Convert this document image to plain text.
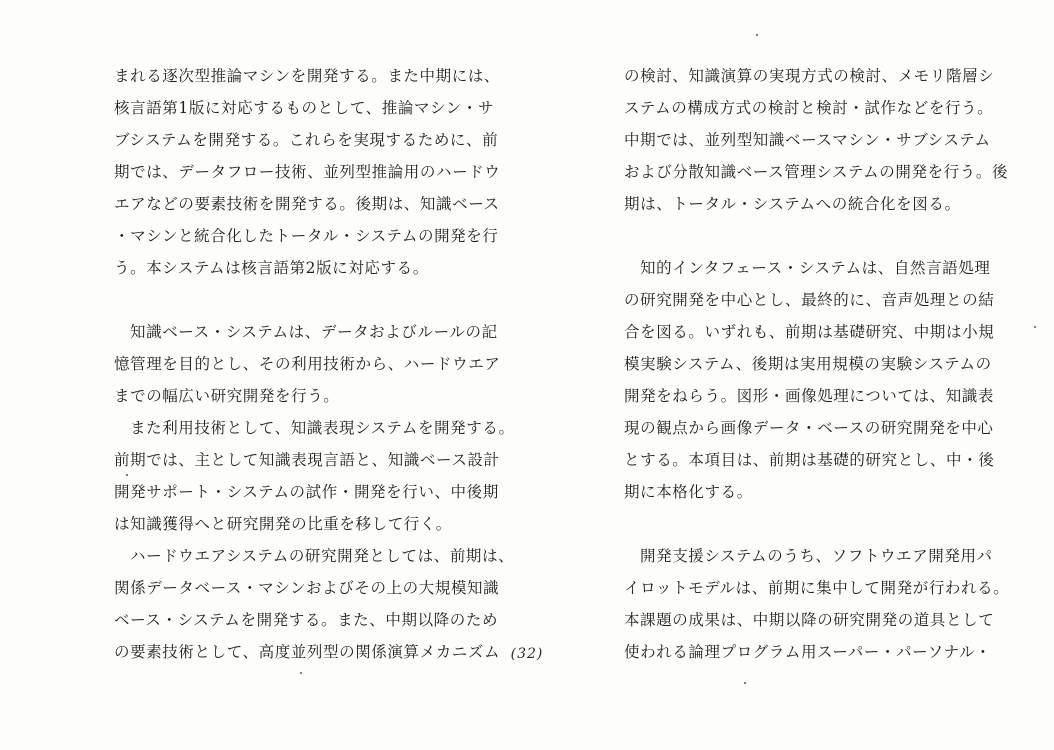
まれる逐次型推論マシンを開発する。また中期には、
核言語第1版に対応するものとして、推論マシン・サ
ブシステムを開発する。これらを実現するために、前
期では、データフロー技術、並列型推論用のハードウ
エアなどの要素技術を開発する。後期は、知識ベース
・マシンと統合化したトータル・システムの開発を行
う。本システムは核言語第2版に対応する。
知識ベース・システムは、データおよびルールの記
憶管理を目的とし、その利用技術から、ハードウエア
までの幅広い研究開発を行う。
また利用技術として、知識表現システムを開発する。
前期では、主として知識表現言語と、知識ベース設計
開発サポート・システムの試作・開発を行い、中後期
は知識獲得へと研究開発の比重を移して行く。
ハードウエアシステムの研究開発としては、前期は、
関係データベース・マシンおよびその上の大規模知識
ベース・システムを開発する。また、中期以降のため
の要素技術として、高度並列型の関係演算メカニズム
の検討、知識演算の実現方式の検討、メモリ階層シ
ステムの構成方式の検討と検討・試作などを行う。
中期では、並列型知識ベースマシン・サブシステム
および分散知識ベース管理システムの開発を行う。後
期は、トータル・システムへの統合化を図る。
知的インタフェース・システムは、自然言語処理
の研究開発を中心とし、最終的に、音声処理との結
合を図る。いずれも、前期は基礎研究、中期は小規
模実験システム、後期は実用規模の実験システムの
開発をねらう。図形・画像処理については、知識表
現の観点から画像データ・ベースの研究開発を中心
とする。本項目は、前期は基礎的研究とし、中・後
期に本格化する。
開発支援システムのうち、ソフトウエア開発用パ
イロットモデルは、前期に集中して開発が行われる。
本課題の成果は、中期以降の研究開発の道具として
使われる論理プログラム用スーパー・パーソナル・
(32)
